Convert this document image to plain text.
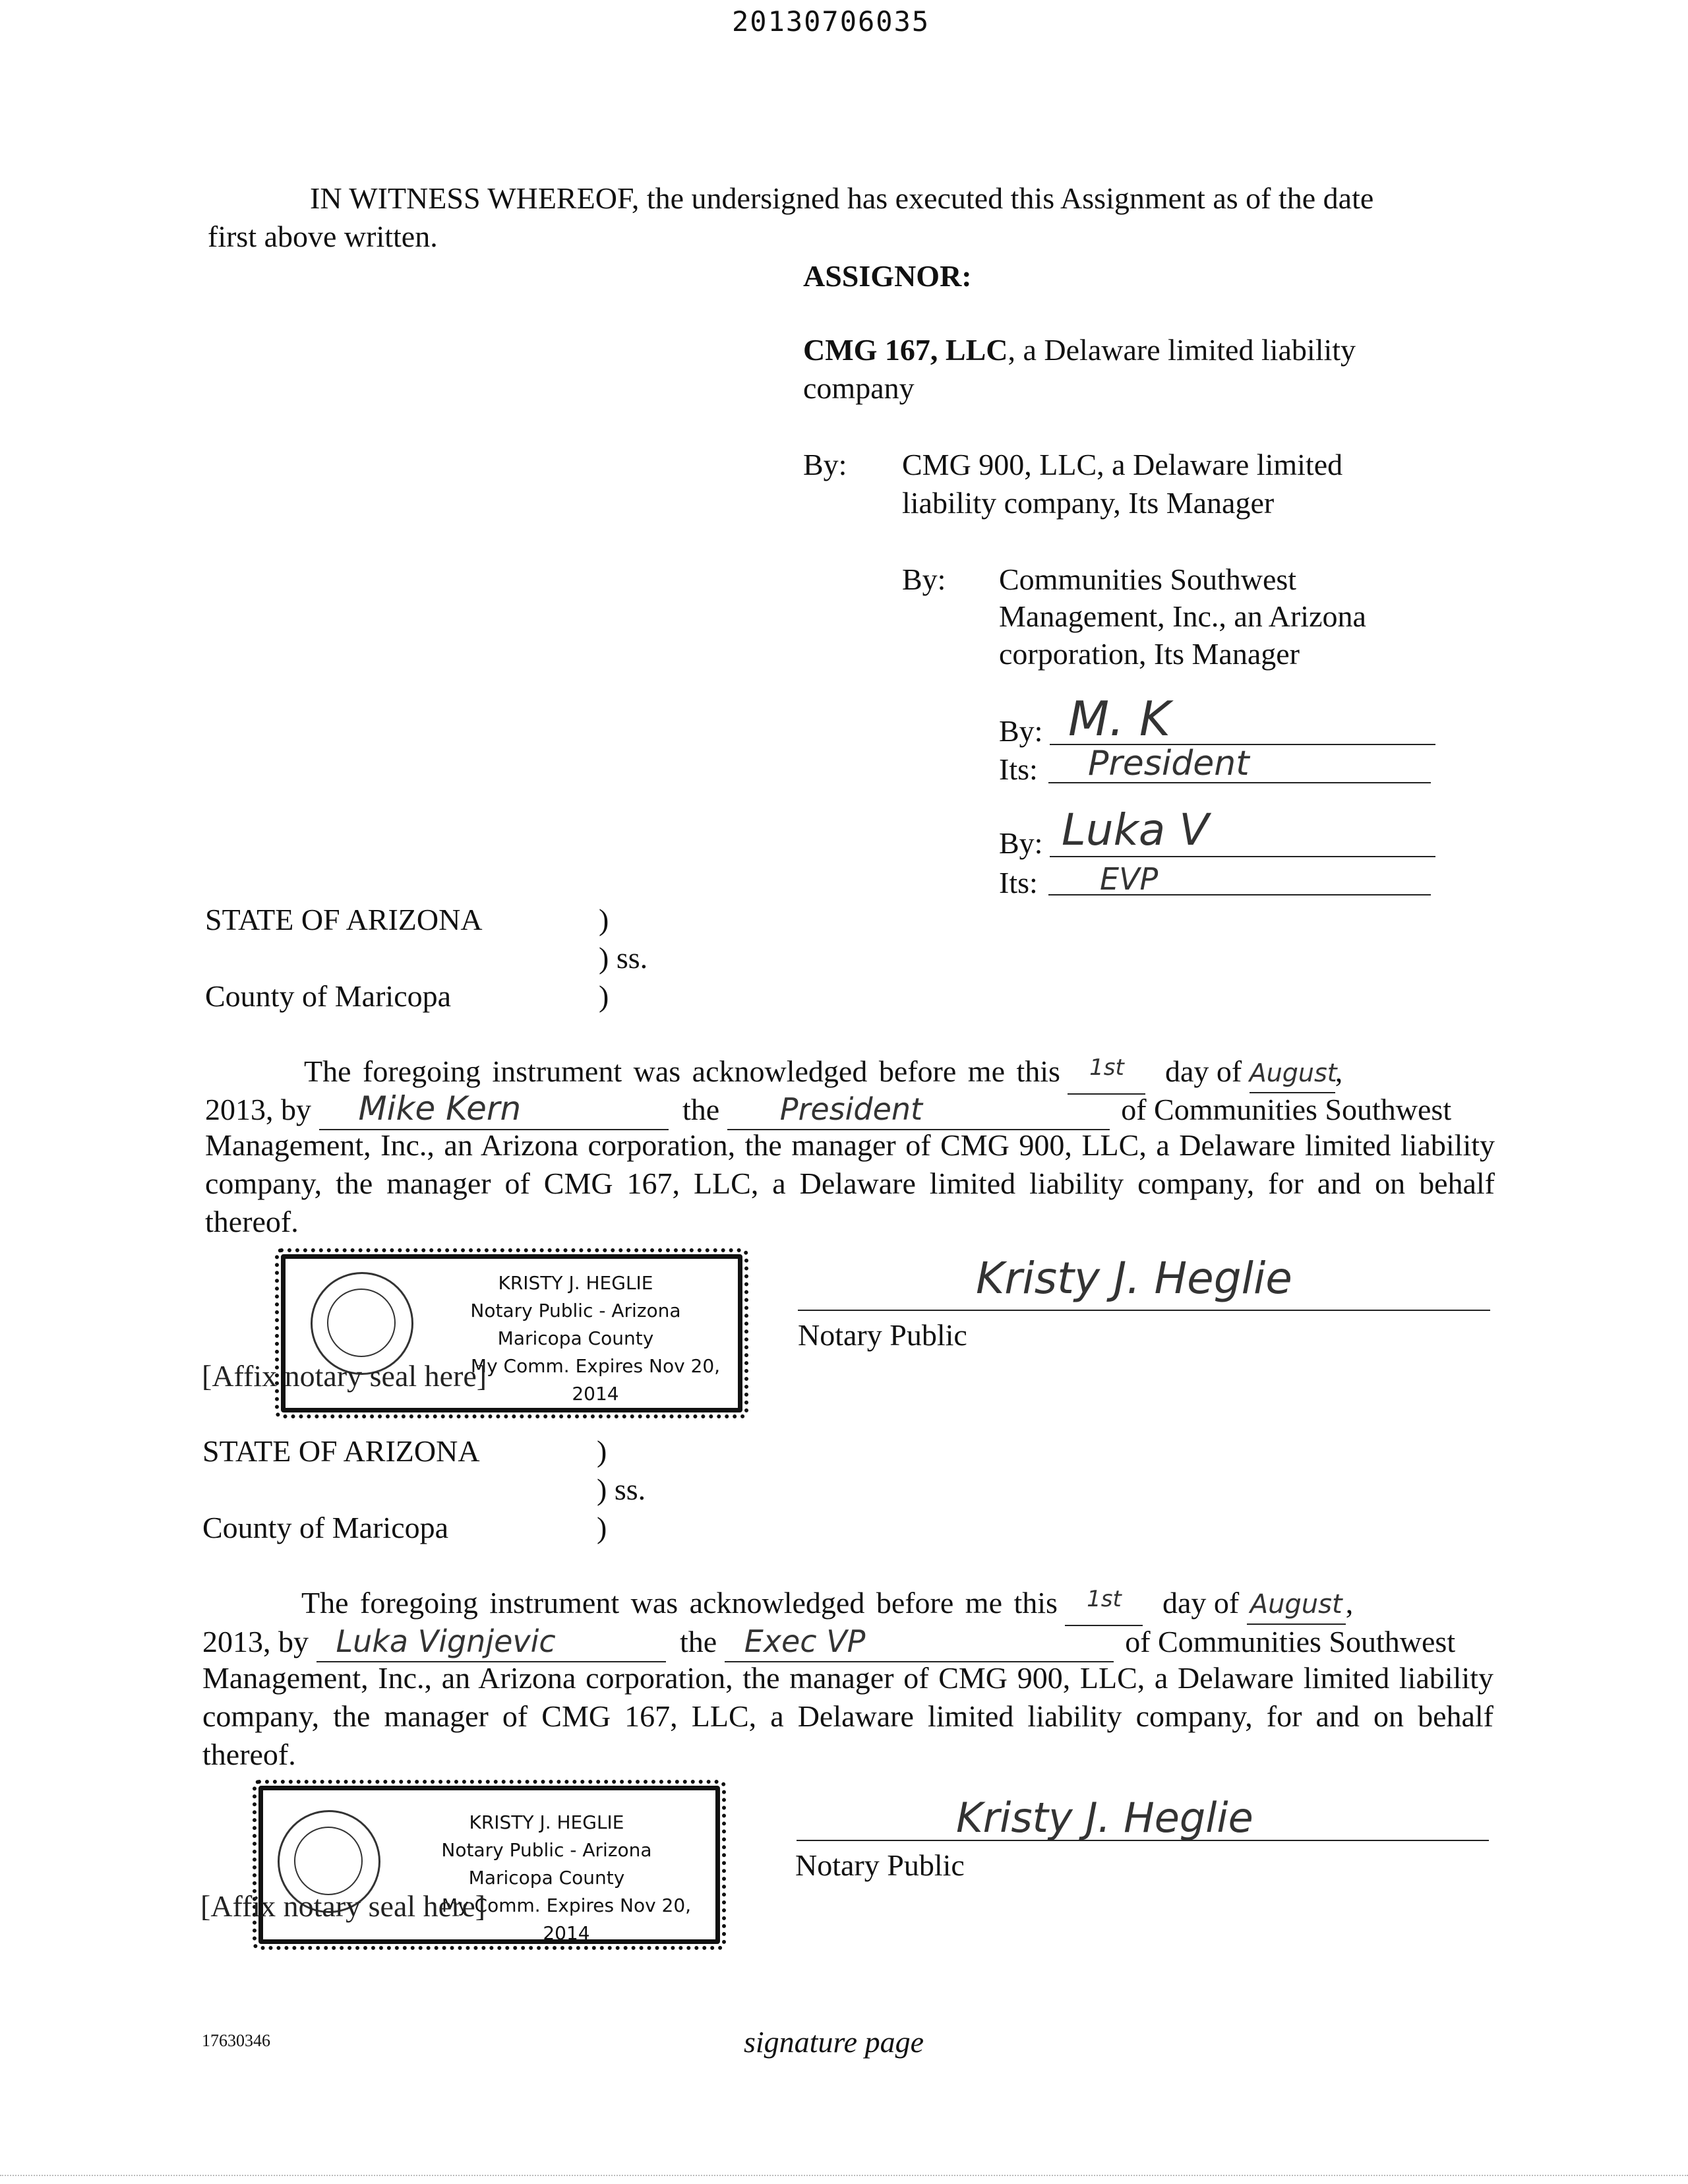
20130706035
IN WITNESS WHEREOF, the undersigned has executed this Assignment as of the date
first above written.
ASSIGNOR:
CMG 167, LLC, a Delaware limited liability
company
By: CMG 900, LLC, a Delaware limited
liability company, Its Manager
By: Communities Southwest
Management, Inc., an Arizona
corporation, Its Manager
By: M. K
Its: President
By: Luka V
Its: EVP
STATE OF ARIZONA	)
) ss.
County of Maricopa	)
The foregoing instrument was acknowledged before me this $^{1st}$ day of August,
2013, by Mike Kern	the President	of Communities Southwest
Management, Inc., an Arizona corporation, the manager of CMG 900, LLC, a Delaware limited liability company, the manager of CMG 167, LLC, a Delaware limited liability company, for and on behalf thereof.
KRISTY J. HEGLIE
Notary Public - Arizona
Maricopa County
My Comm. Expires Nov 20, 2014
[Affix notary seal here]
Kristy J. Heglie
Notary Public
STATE OF ARIZONA	)
) ss.
County of Maricopa	)
The foregoing instrument was acknowledged before me this $^{1st}$ day of August ,
2013, by Luka Vignjevic	the Exec VP	of Communities Southwest
Management, Inc., an Arizona corporation, the manager of CMG 900, LLC, a Delaware limited liability company, the manager of CMG 167, LLC, a Delaware limited liability company, for and on behalf thereof.
KRISTY J. HEGLIE
Notary Public - Arizona
Maricopa County
My Comm. Expires Nov 20, 2014
[Affix notary seal here]
Kristy J. Heglie
Notary Public
17630346	signature page
